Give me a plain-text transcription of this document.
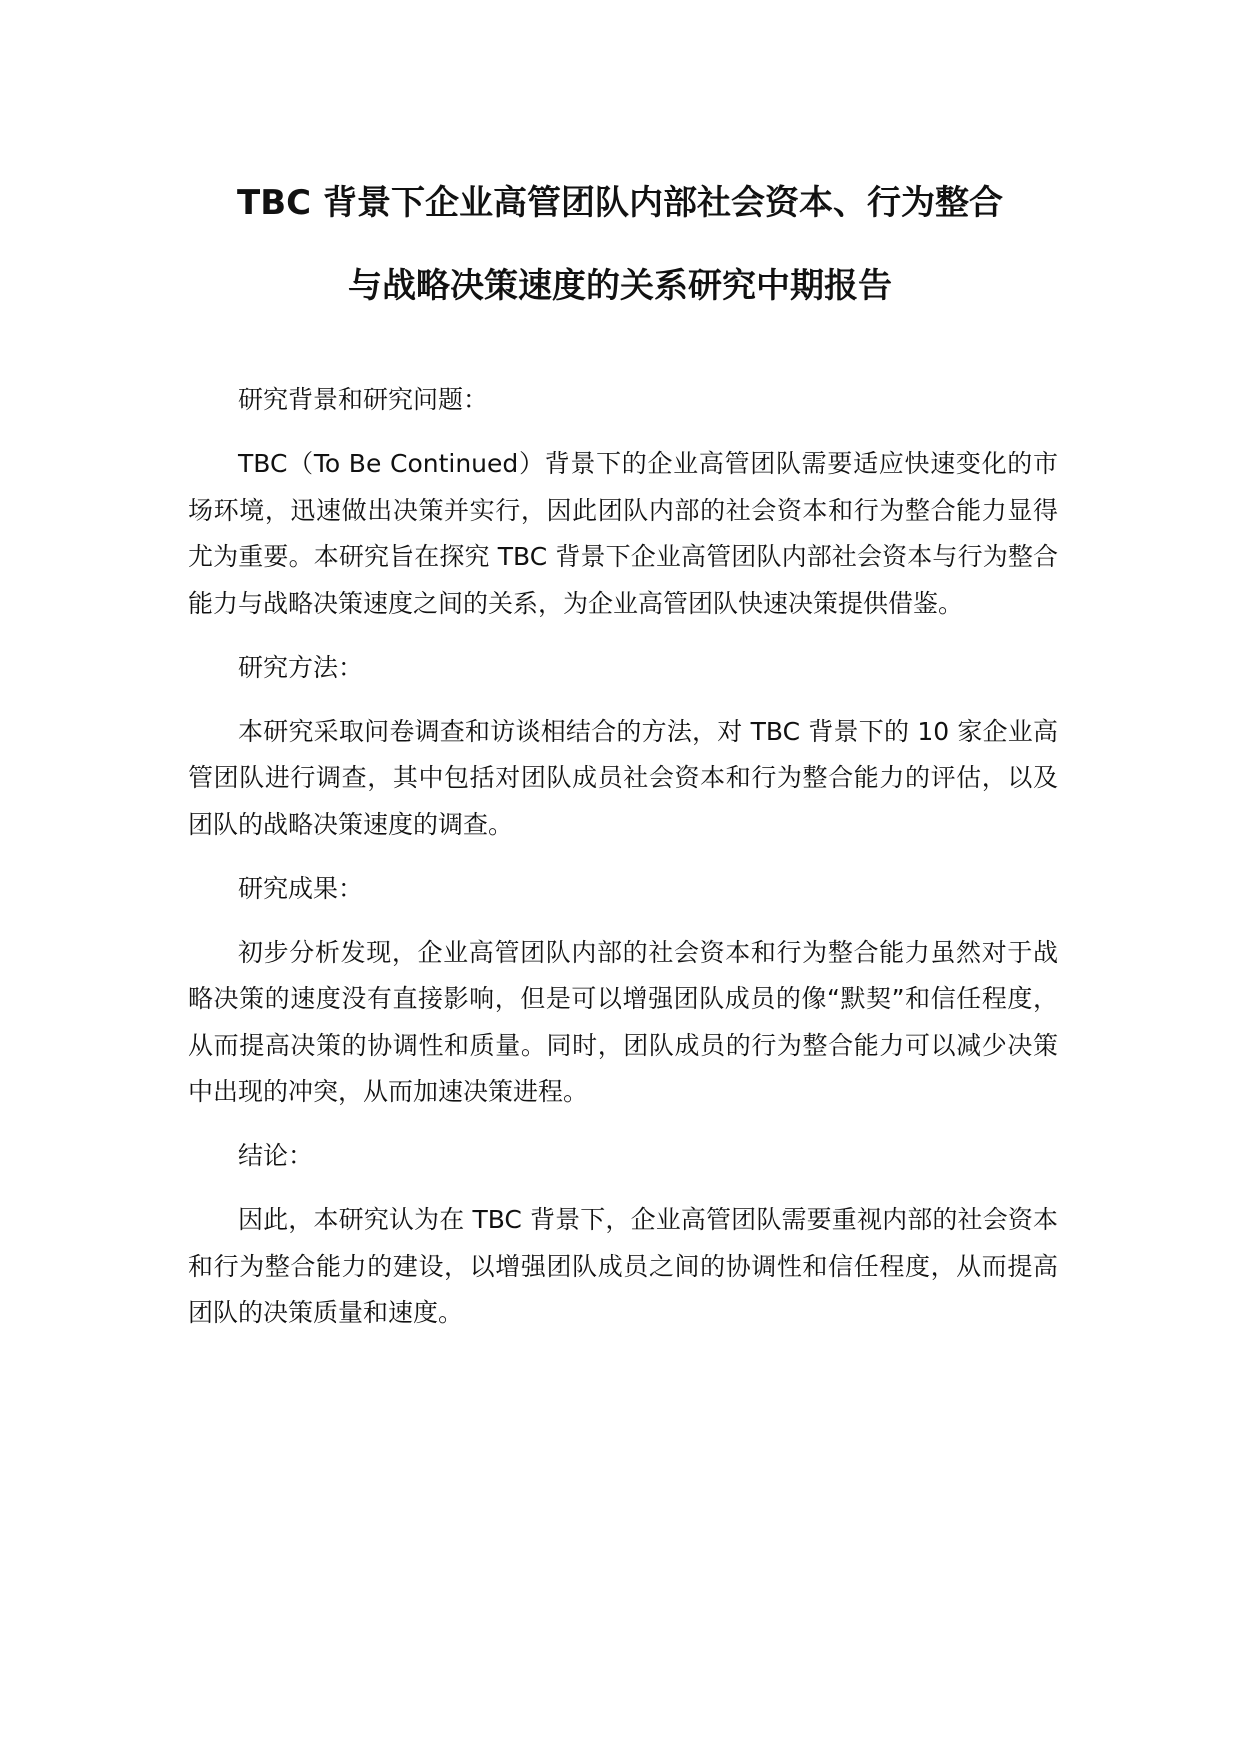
TBC 背景下企业高管团队内部社会资本、行为整合
与战略决策速度的关系研究中期报告

研究背景和研究问题：

TBC（To Be Continued）背景下的企业高管团队需要适应快速变化的市场环境，迅速做出决策并实行，因此团队内部的社会资本和行为整合能力显得尤为重要。本研究旨在探究 TBC 背景下企业高管团队内部社会资本与行为整合能力与战略决策速度之间的关系，为企业高管团队快速决策提供借鉴。

研究方法：

本研究采取问卷调查和访谈相结合的方法，对 TBC 背景下的 10 家企业高管团队进行调查，其中包括对团队成员社会资本和行为整合能力的评估，以及团队的战略决策速度的调查。

研究成果：

初步分析发现，企业高管团队内部的社会资本和行为整合能力虽然对于战略决策的速度没有直接影响，但是可以增强团队成员的像“默契”和信任程度，从而提高决策的协调性和质量。同时，团队成员的行为整合能力可以减少决策中出现的冲突，从而加速决策进程。

结论：

因此，本研究认为在 TBC 背景下，企业高管团队需要重视内部的社会资本和行为整合能力的建设，以增强团队成员之间的协调性和信任程度，从而提高团队的决策质量和速度。
